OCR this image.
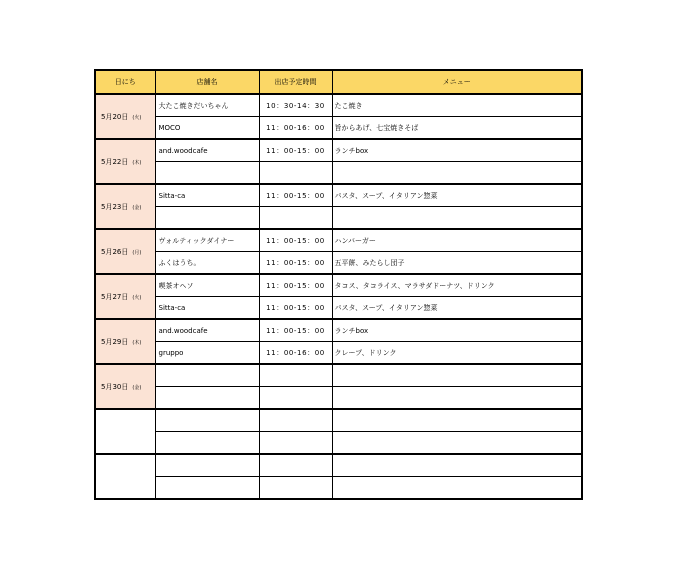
日にち	店舗名	出店予定時間	メニュー
5月20日 (火)	大たこ焼きだいちゃん	10：30-14：30	たこ焼き
	MOCO	11：00-16：00	旨からあげ、七宝焼きそば
5月22日 (木)	and.woodcafe	11：00-15：00	ランチbox

5月23日 (金)	Sitta-ca	11：00-15：00	パスタ、スープ、イタリアン惣菜

5月26日 (月)	ヴォルティックダイナー	11：00-15：00	ハンバーガー
	ふくはうち。	11：00-15：00	五平餅、みたらし団子
5月27日 (火)	喫茶オヘソ	11：00-15：00	タコス、タコライス、マラサダドーナツ、ドリンク
	Sitta-ca	11：00-15：00	パスタ、スープ、イタリアン惣菜
5月29日 (木)	and.woodcafe	11：00-15：00	ランチbox
	gruppo	11：00-16：00	クレープ、ドリンク
5月30日 (金)			
